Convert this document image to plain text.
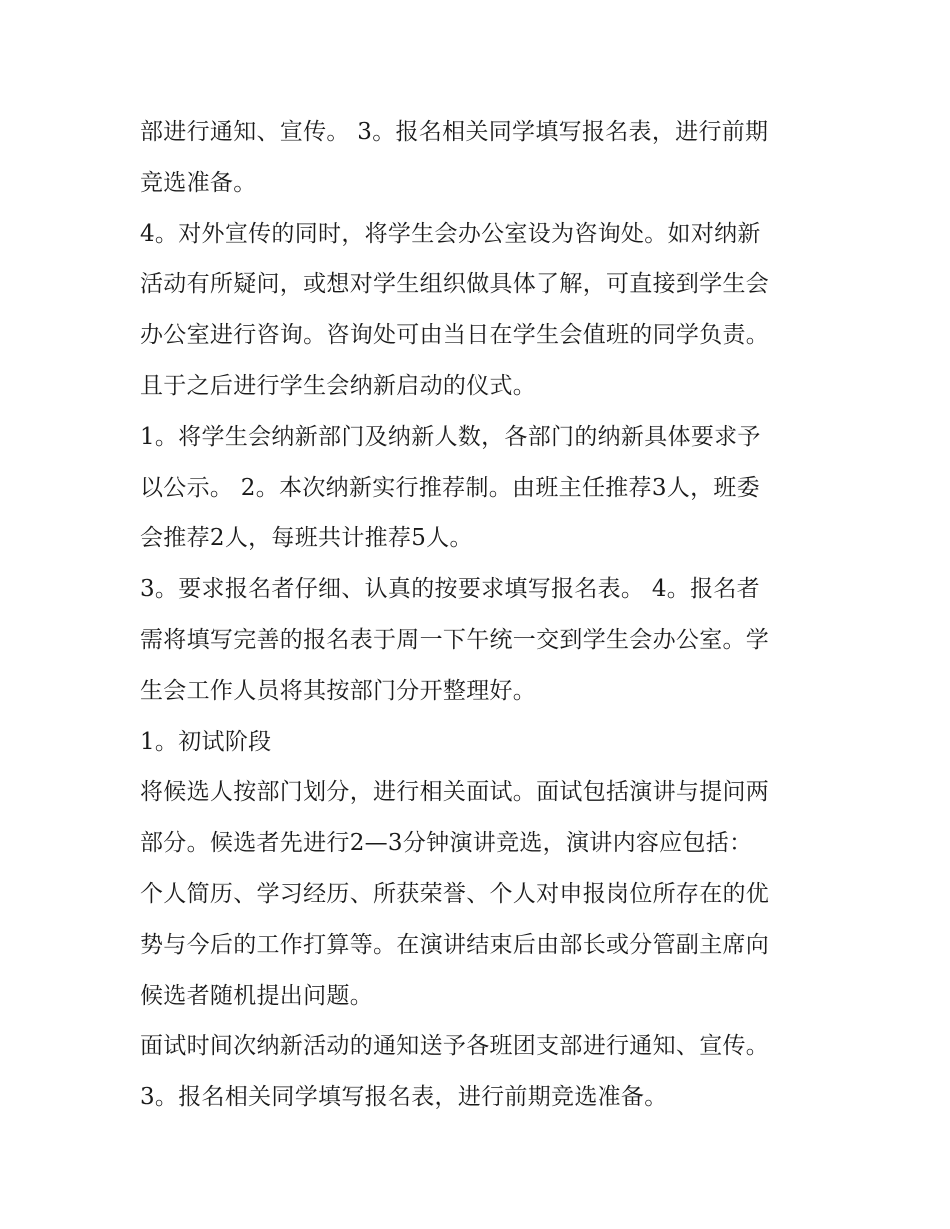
部进行通知、宣传。 3。报名相关同学填写报名表，进行前期
竞选准备。
4。对外宣传的同时，将学生会办公室设为咨询处。如对纳新
活动有所疑问，或想对学生组织做具体了解，可直接到学生会
办公室进行咨询。咨询处可由当日在学生会值班的同学负责。
且于之后进行学生会纳新启动的仪式。
1。将学生会纳新部门及纳新人数，各部门的纳新具体要求予
以公示。 2。本次纳新实行推荐制。由班主任推荐3人，班委
会推荐2人，每班共计推荐5人。
3。要求报名者仔细、认真的按要求填写报名表。 4。报名者
需将填写完善的报名表于周一下午统一交到学生会办公室。学
生会工作人员将其按部门分开整理好。
1。初试阶段
将候选人按部门划分，进行相关面试。面试包括演讲与提问两
部分。候选者先进行2—3分钟演讲竞选，演讲内容应包括：
个人简历、学习经历、所获荣誉、个人对申报岗位所存在的优
势与今后的工作打算等。在演讲结束后由部长或分管副主席向
候选者随机提出问题。
面试时间次纳新活动的通知送予各班团支部进行通知、宣传。
3。报名相关同学填写报名表，进行前期竞选准备。
